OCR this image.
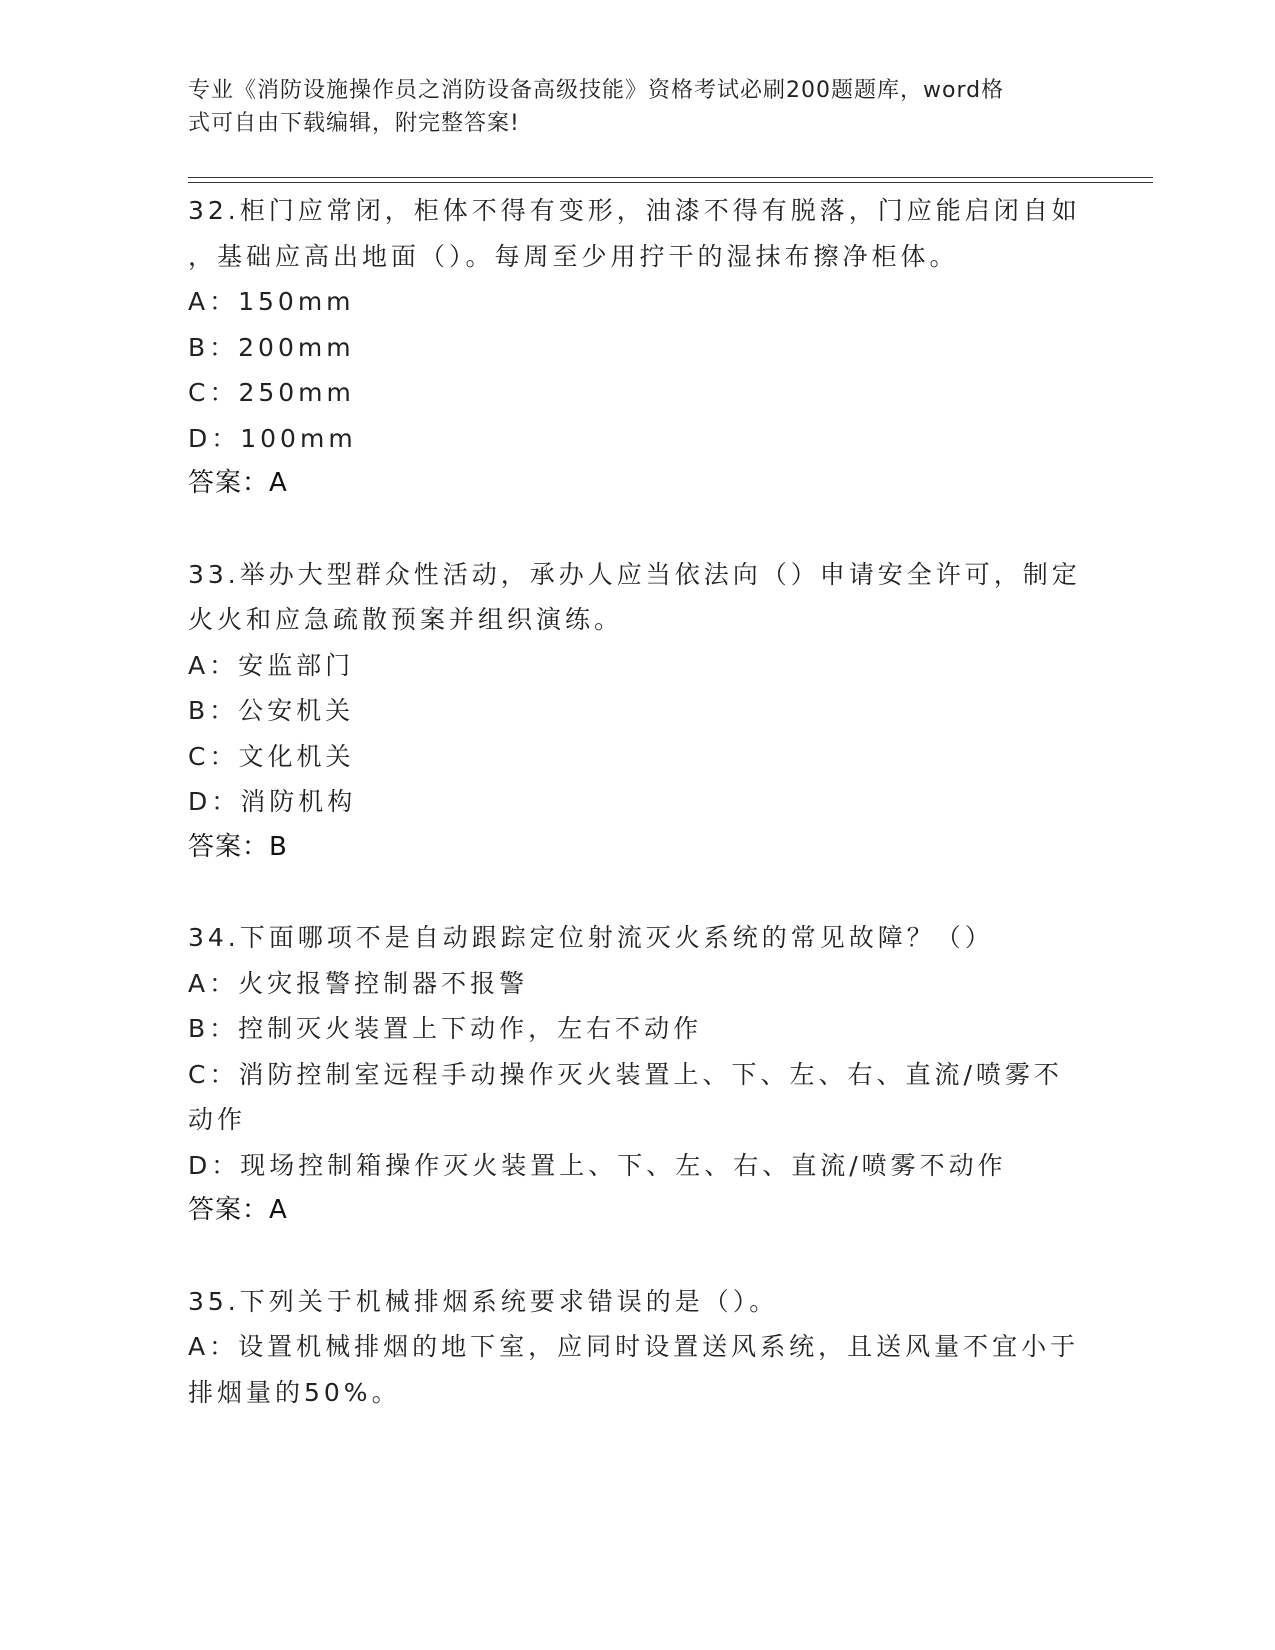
专业《消防设施操作员之消防设备高级技能》资格考试必刷200题题库，word格
式可自由下载编辑，附完整答案!
32.柜门应常闭，柜体不得有变形，油漆不得有脱落，门应能启闭自如
，基础应高出地面（）。每周至少用拧干的湿抹布擦净柜体。
A：150mm
B：200mm
C：250mm
D：100mm
答案：A
33.举办大型群众性活动，承办人应当依法向（）申请安全许可，制定
火火和应急疏散预案并组织演练。
A：安监部门
B：公安机关
C：文化机关
D：消防机构
答案：B
34.下面哪项不是自动跟踪定位射流灭火系统的常见故障？（）
A：火灾报警控制器不报警
B：控制灭火装置上下动作，左右不动作
C：消防控制室远程手动操作灭火装置上、下、左、右、直流/喷雾不
动作
D：现场控制箱操作灭火装置上、下、左、右、直流/喷雾不动作
答案：A
35.下列关于机械排烟系统要求错误的是（）。
A：设置机械排烟的地下室，应同时设置送风系统，且送风量不宜小于
排烟量的50%。
